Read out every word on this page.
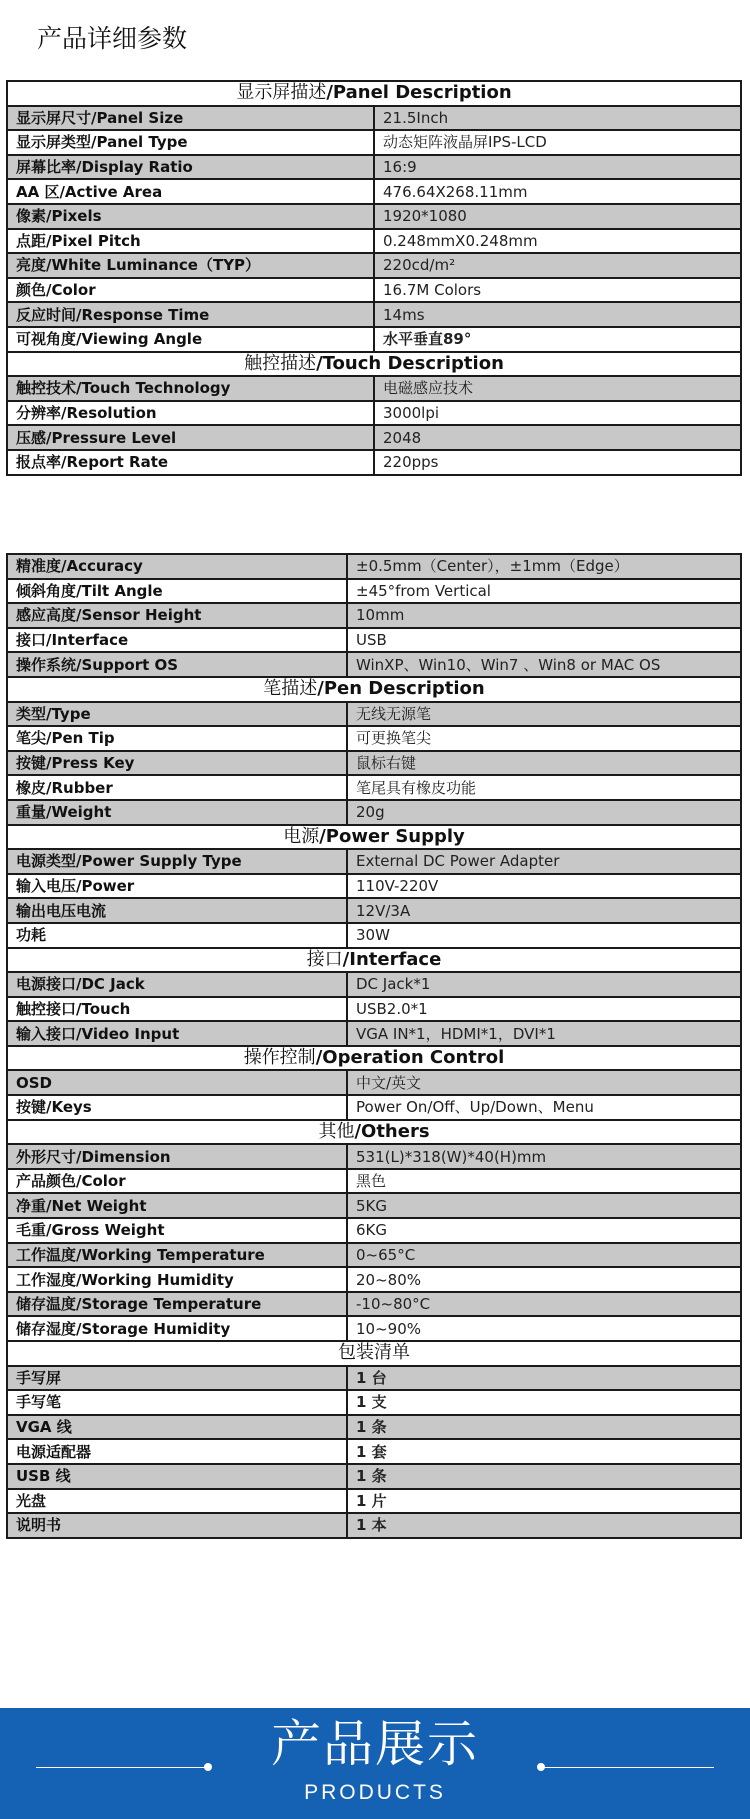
产品详细参数
显示屏描述/Panel Description	
显示屏尺寸/Panel Size	21.5Inch
显示屏类型/Panel Type	动态矩阵液晶屏IPS-LCD
屏幕比率/Display Ratio	16:9
AA 区/Active Area	476.64X268.11mm
像素/Pixels	1920*1080
点距/Pixel Pitch	0.248mmX0.248mm
亮度/White Luminance（TYP）	220cd/m²
颜色/Color	16.7M Colors
反应时间/Response Time	14ms
可视角度/Viewing Angle	水平垂直89°
触控描述/Touch Description	
触控技术/Touch Technology	电磁感应技术
分辨率/Resolution	3000lpi
压感/Pressure Level	2048
报点率/Report Rate	220pps
精准度/Accuracy	±0.5mm（Center），±1mm（Edge）
倾斜角度/Tilt Angle	±45°from Vertical
感应高度/Sensor Height	10mm
接口/Interface	USB
操作系统/Support OS	WinXP、Win10、Win7 、Win8 or MAC OS
笔描述/Pen Description	
类型/Type	无线无源笔
笔尖/Pen Tip	可更换笔尖
按键/Press Key	鼠标右键
橡皮/Rubber	笔尾具有橡皮功能
重量/Weight	20g
电源/Power Supply	
电源类型/Power Supply Type	External DC Power Adapter
输入电压/Power	110V-220V
输出电压电流	12V/3A
功耗	30W
接口/Interface	
电源接口/DC Jack	DC Jack*1
触控接口/Touch	USB2.0*1
输入接口/Video Input	VGA IN*1，HDMI*1，DVI*1
操作控制/Operation Control	
OSD	中文/英文
按键/Keys	Power On/Off、Up/Down、Menu
其他/Others	
外形尺寸/Dimension	531(L)*318(W)*40(H)mm
产品颜色/Color	黑色
净重/Net Weight	5KG
毛重/Gross Weight	6KG
工作温度/Working Temperature	0~65°C
工作湿度/Working Humidity	20~80%
储存温度/Storage Temperature	-10~80°C
储存湿度/Storage Humidity	10~90%
包装清单	
手写屏	1 台
手写笔	1 支
VGA 线	1 条
电源适配器	1 套
USB 线	1 条
光盘	1 片
说明书	1 本
产品展示
PRODUCTS
